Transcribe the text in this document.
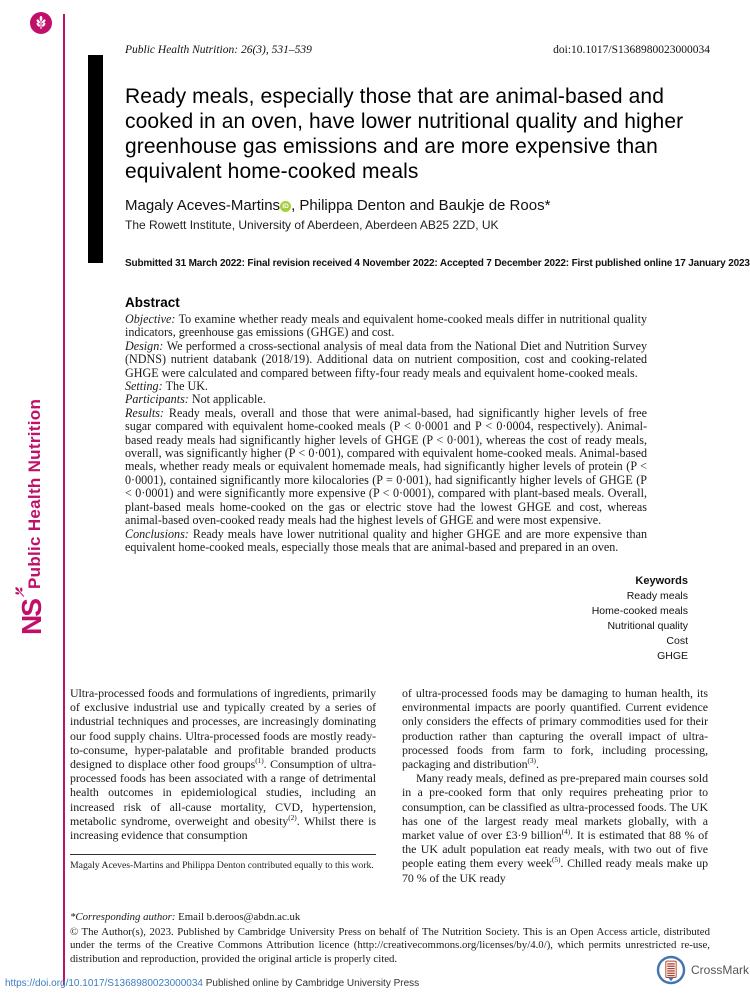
Public Health Nutrition
NS
Public Health Nutrition: 26(3), 531–539	doi:10.1017/S1368980023000034
Ready meals, especially those that are animal-based and cooked in an oven, have lower nutritional quality and higher greenhouse gas emissions and are more expensive than equivalent home-cooked meals
Magaly Aceves-Martins iD , Philippa Denton and Baukje de Roos*
The Rowett Institute, University of Aberdeen, Aberdeen AB25 2ZD, UK
Submitted 31 March 2022: Final revision received 4 November 2022: Accepted 7 December 2022: First published online 17 January 2023
Abstract

Objective: To examine whether ready meals and equivalent home-cooked meals differ in nutritional quality indicators, greenhouse gas emissions (GHGE) and cost.

Design: We performed a cross-sectional analysis of meal data from the National Diet and Nutrition Survey (NDNS) nutrient databank (2018/19). Additional data on nutrient composition, cost and cooking-related GHGE were calculated and compared between fifty-four ready meals and equivalent home-cooked meals.

Setting: The UK.

Participants: Not applicable.

Results: Ready meals, overall and those that were animal-based, had significantly higher levels of free sugar compared with equivalent home-cooked meals (P < 0·0001 and P < 0·0004, respectively). Animal-based ready meals had significantly higher levels of GHGE (P < 0·001), whereas the cost of ready meals, overall, was significantly higher (P < 0·001), compared with equivalent home-cooked meals. Animal-based meals, whether ready meals or equivalent homemade meals, had significantly higher levels of protein (P < 0·0001), contained significantly more kilocalories (P = 0·001), had significantly higher levels of GHGE (P < 0·0001) and were significantly more expensive (P < 0·0001), compared with plant-based meals. Overall, plant-based meals home-cooked on the gas or electric stove had the lowest GHGE and cost, whereas animal-based oven-cooked ready meals had the highest levels of GHGE and were most expensive.

Conclusions: Ready meals have lower nutritional quality and higher GHGE and are more expensive than equivalent home-cooked meals, especially those meals that are animal-based and prepared in an oven.

Keywords
Ready meals
Home-cooked meals
Nutritional quality
Cost
GHGE

Ultra-processed foods and formulations of ingredients, primarily of exclusive industrial use and typically created by a series of industrial techniques and processes, are increasingly dominating our food supply chains. Ultra-processed foods are mostly ready-to-consume, hyper-palatable and profitable branded products designed to displace other food groups$^{(1)}$. Consumption of ultra-processed foods has been associated with a range of detrimental health outcomes in epidemiological studies, including an increased risk of all-cause mortality, CVD, hypertension, metabolic syndrome, overweight and obesity$^{(2)}$. Whilst there is increasing evidence that consumption

Magaly Aceves-Martins and Philippa Denton contributed equally to this work.

of ultra-processed foods may be damaging to human health, its environmental impacts are poorly quantified. Current evidence only considers the effects of primary commodities used for their production rather than capturing the overall impact of ultra-processed foods from farm to fork, including processing, packaging and distribution$^{(3)}$.

Many ready meals, defined as pre-prepared main courses sold in a pre-cooked form that only requires preheating prior to consumption, can be classified as ultra-processed foods. The UK has one of the largest ready meal markets globally, with a market value of over £3·9 billion$^{(4)}$. It is estimated that 88 % of the UK adult population eat ready meals, with two out of five people eating them every week$^{(5)}$. Chilled ready meals make up 70 % of the UK ready

*Corresponding author: Email b.deroos@abdn.ac.uk
© The Author(s), 2023. Published by Cambridge University Press on behalf of The Nutrition Society. This is an Open Access article, distributed under the terms of the Creative Commons Attribution licence (http://creativecommons.org/licenses/by/4.0/), which permits unrestricted re-use, distribution and reproduction, provided the original article is properly cited.
CrossMark
https://doi.org/10.1017/S1368980023000034 Published online by Cambridge University Press
